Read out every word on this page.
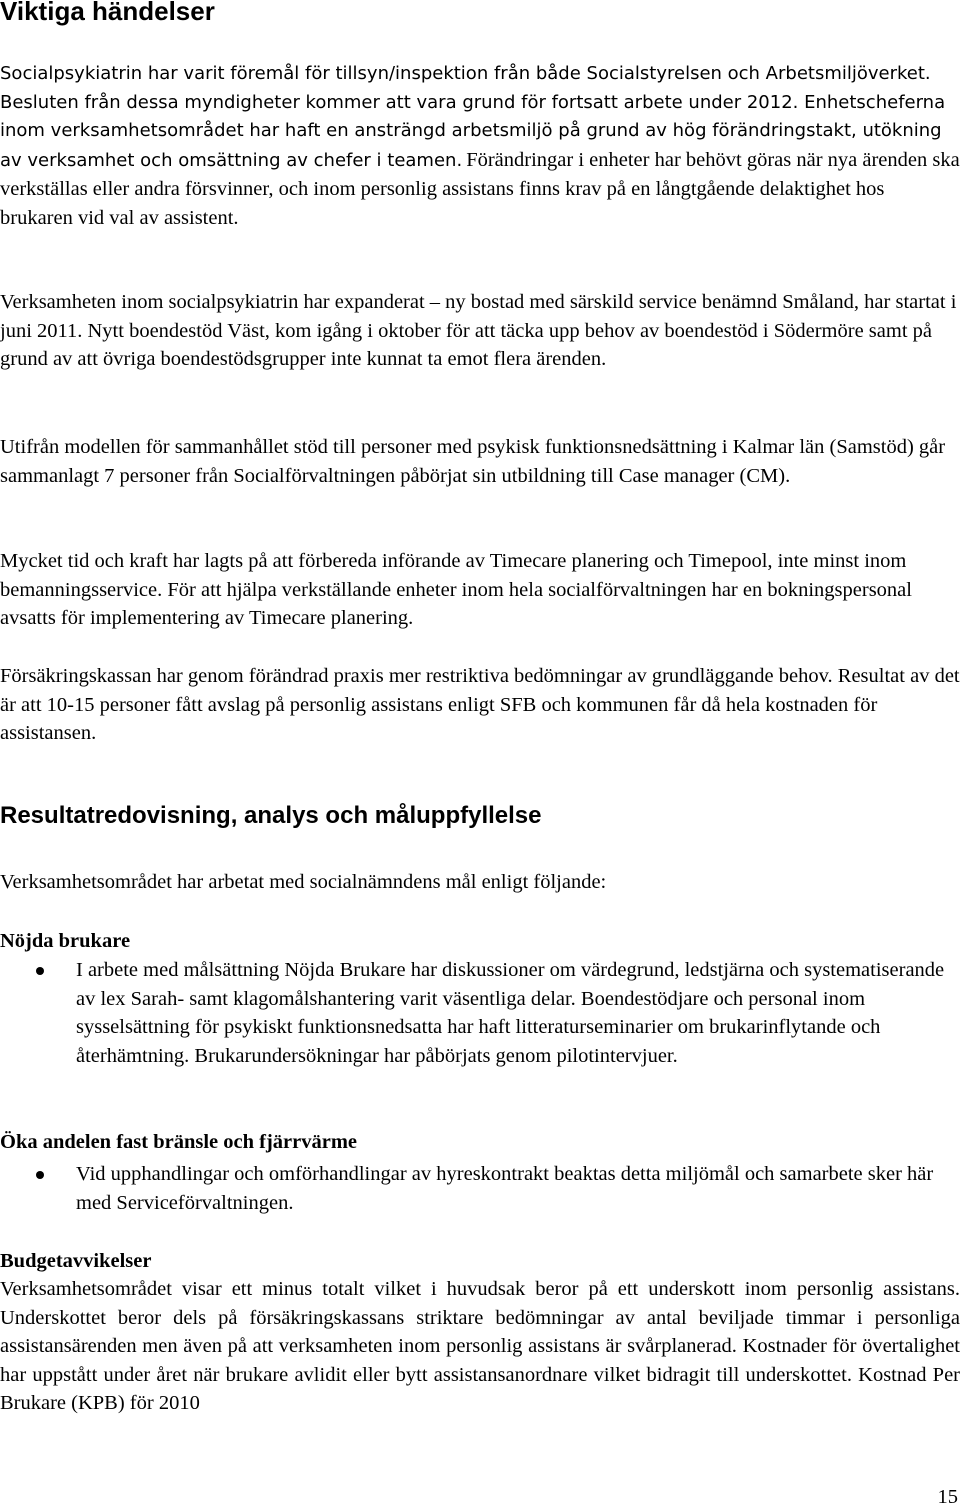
Viktiga händelser

Socialpsykiatrin har varit föremål för tillsyn/inspektion från både Socialstyrelsen och Arbetsmiljöverket. Besluten från dessa myndigheter kommer att vara grund för fortsatt arbete under 2012. Enhetscheferna inom verksamhetsområdet har haft en ansträngd arbetsmiljö på grund av hög förändringstakt, utökning av verksamhet och omsättning av chefer i teamen. Förändringar i enheter har behövt göras när nya ärenden ska verkställas eller andra försvinner, och inom personlig assistans finns krav på en långtgående delaktighet hos brukaren vid val av assistent.

Verksamheten inom socialpsykiatrin har expanderat – ny bostad med särskild service benämnd Småland, har startat i juni 2011. Nytt boendestöd Väst, kom igång i oktober för att täcka upp behov av boendestöd i Södermöre samt på grund av att övriga boendestödsgrupper inte kunnat ta emot flera ärenden.

Utifrån modellen för sammanhållet stöd till personer med psykisk funktionsnedsättning i Kalmar län (Samstöd) går sammanlagt 7 personer från Socialförvaltningen påbörjat sin utbildning till Case manager (CM).

Mycket tid och kraft har lagts på att förbereda införande av Timecare planering och Timepool, inte minst inom bemanningsservice. För att hjälpa verkställande enheter inom hela socialförvaltningen har en bokningspersonal avsatts för implementering av Timecare planering.

Försäkringskassan har genom förändrad praxis mer restriktiva bedömningar av grundläggande behov. Resultat av det är att 10-15 personer fått avslag på personlig assistans enligt SFB och kommunen får då hela kostnaden för assistansen.

Resultatredovisning, analys och måluppfyllelse

Verksamhetsområdet har arbetat med socialnämndens mål enligt följande:

Nöjda brukare

I arbete med målsättning Nöjda Brukare har diskussioner om värdegrund, ledstjärna och systematiserande av lex Sarah- samt klagomålshantering varit väsentliga delar. Boendestödjare och personal inom sysselsättning för psykiskt funktionsnedsatta har haft litteraturseminarier om brukarinflytande och återhämtning. Brukarundersökningar har påbörjats genom pilotintervjuer.

Öka andelen fast bränsle och fjärrvärme

Vid upphandlingar och omförhandlingar av hyreskontrakt beaktas detta miljömål och samarbete sker här med Serviceförvaltningen.

Budgetavvikelser

Verksamhetsområdet visar ett minus totalt vilket i huvudsak beror på ett underskott inom personlig assistans. Underskottet beror dels på försäkringskassans striktare bedömningar av antal beviljade timmar i personliga assistansärenden men även på att verksamheten inom personlig assistans är svårplanerad. Kostnader för övertalighet har uppstått under året när brukare avlidit eller bytt assistansanordnare vilket bidragit till underskottet. Kostnad Per Brukare (KPB) för 2010

15
